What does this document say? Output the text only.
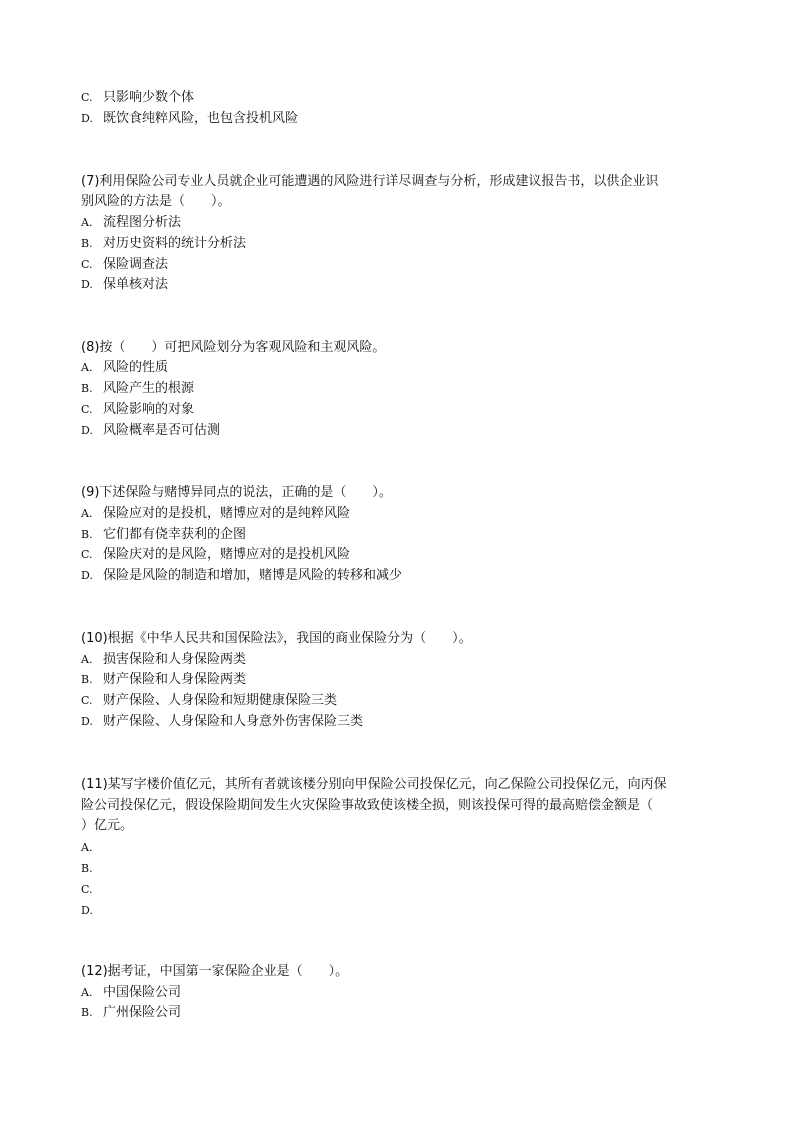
C. 只影响少数个体
D. 既饮食纯粹风险，也包含投机风险
(7)利用保险公司专业人员就企业可能遭遇的风险进行详尽调查与分析，形成建议报告书，以供企业识
别风险的方法是（　　）。
A. 流程图分析法
B. 对历史资料的统计分析法
C. 保险调查法
D. 保单核对法
(8)按（　　）可把风险划分为客观风险和主观风险。
A. 风险的性质
B. 风险产生的根源
C. 风险影响的对象
D. 风险概率是否可估测
(9)下述保险与赌博异同点的说法，正确的是（　　）。
A. 保险应对的是投机，赌博应对的是纯粹风险
B. 它们都有侥幸获利的企图
C. 保险庆对的是风险，赌博应对的是投机风险
D. 保险是风险的制造和增加，赌博是风险的转移和减少
(10)根据《中华人民共和国保险法》，我国的商业保险分为（　　）。
A. 损害保险和人身保险两类
B. 财产保险和人身保险两类
C. 财产保险、人身保险和短期健康保险三类
D. 财产保险、人身保险和人身意外伤害保险三类
(11)某写字楼价值亿元，其所有者就该楼分别向甲保险公司投保亿元，向乙保险公司投保亿元，向丙保
险公司投保亿元，假设保险期间发生火灾保险事故致使该楼全损，则该投保可得的最高赔偿金额是（
）亿元。
A.
B.
C.
D.
(12)据考证，中国第一家保险企业是（　　）。
A. 中国保险公司
B. 广州保险公司
